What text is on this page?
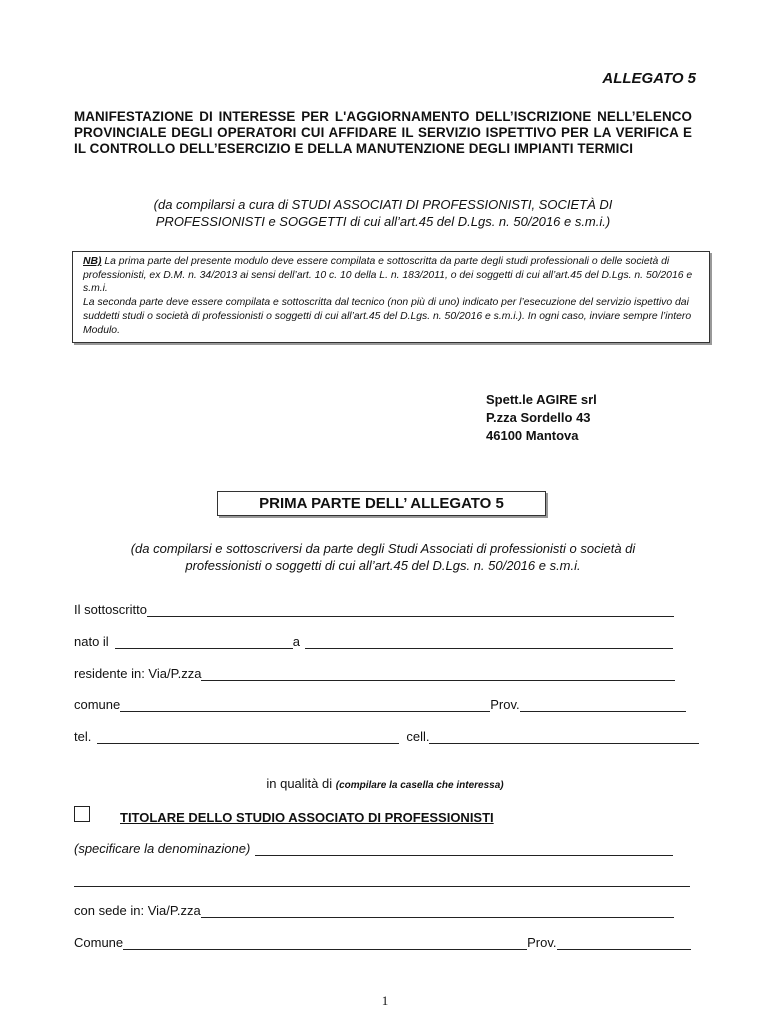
ALLEGATO 5
MANIFESTAZIONE DI INTERESSE PER L'AGGIORNAMENTO DELL’ISCRIZIONE NELL’ELENCO PROVINCIALE DEGLI OPERATORI CUI AFFIDARE IL SERVIZIO ISPETTIVO PER LA VERIFICA E IL CONTROLLO DELL’ESERCIZIO E DELLA MANUTENZIONE DEGLI IMPIANTI TERMICI
(da compilarsi a cura di STUDI ASSOCIATI DI PROFESSIONISTI, SOCIETÀ DI
PROFESSIONISTI e SOGGETTI di cui all’art.45 del D.Lgs. n. 50/2016 e s.m.i.)
NB) La prima parte del presente modulo deve essere compilata e sottoscritta da parte degli studi professionali o delle società di professionisti, ex D.M. n. 34/2013 ai sensi dell’art. 10 c. 10 della L. n. 183/2011, o dei soggetti di cui all’art.45 del D.Lgs. n. 50/2016 e s.m.i.
La seconda parte deve essere compilata e sottoscritta dal tecnico (non più di uno) indicato per l’esecuzione del servizio ispettivo dai suddetti studi o società di professionisti o soggetti di cui all’art.45 del D.Lgs. n. 50/2016 e s.m.i.). In ogni caso, inviare sempre l’intero Modulo.
Spett.le AGIRE srl
P.zza Sordello 43
46100 Mantova
PRIMA PARTE DELL’ ALLEGATO 5
(da compilarsi e sottoscriversi da parte degli Studi Associati di professionisti o società di
professionisti o soggetti di cui all’art.45 del D.Lgs. n. 50/2016 e s.m.i.
Il sottoscritto
nato il	a
residente in: Via/P.zza
comune	Prov.
tel.	cell.
in qualità di (compilare la casella che interessa)
TITOLARE DELLO STUDIO ASSOCIATO DI PROFESSIONISTI
(specificare la denominazione)
con sede in: Via/P.zza
Comune	Prov.
1
